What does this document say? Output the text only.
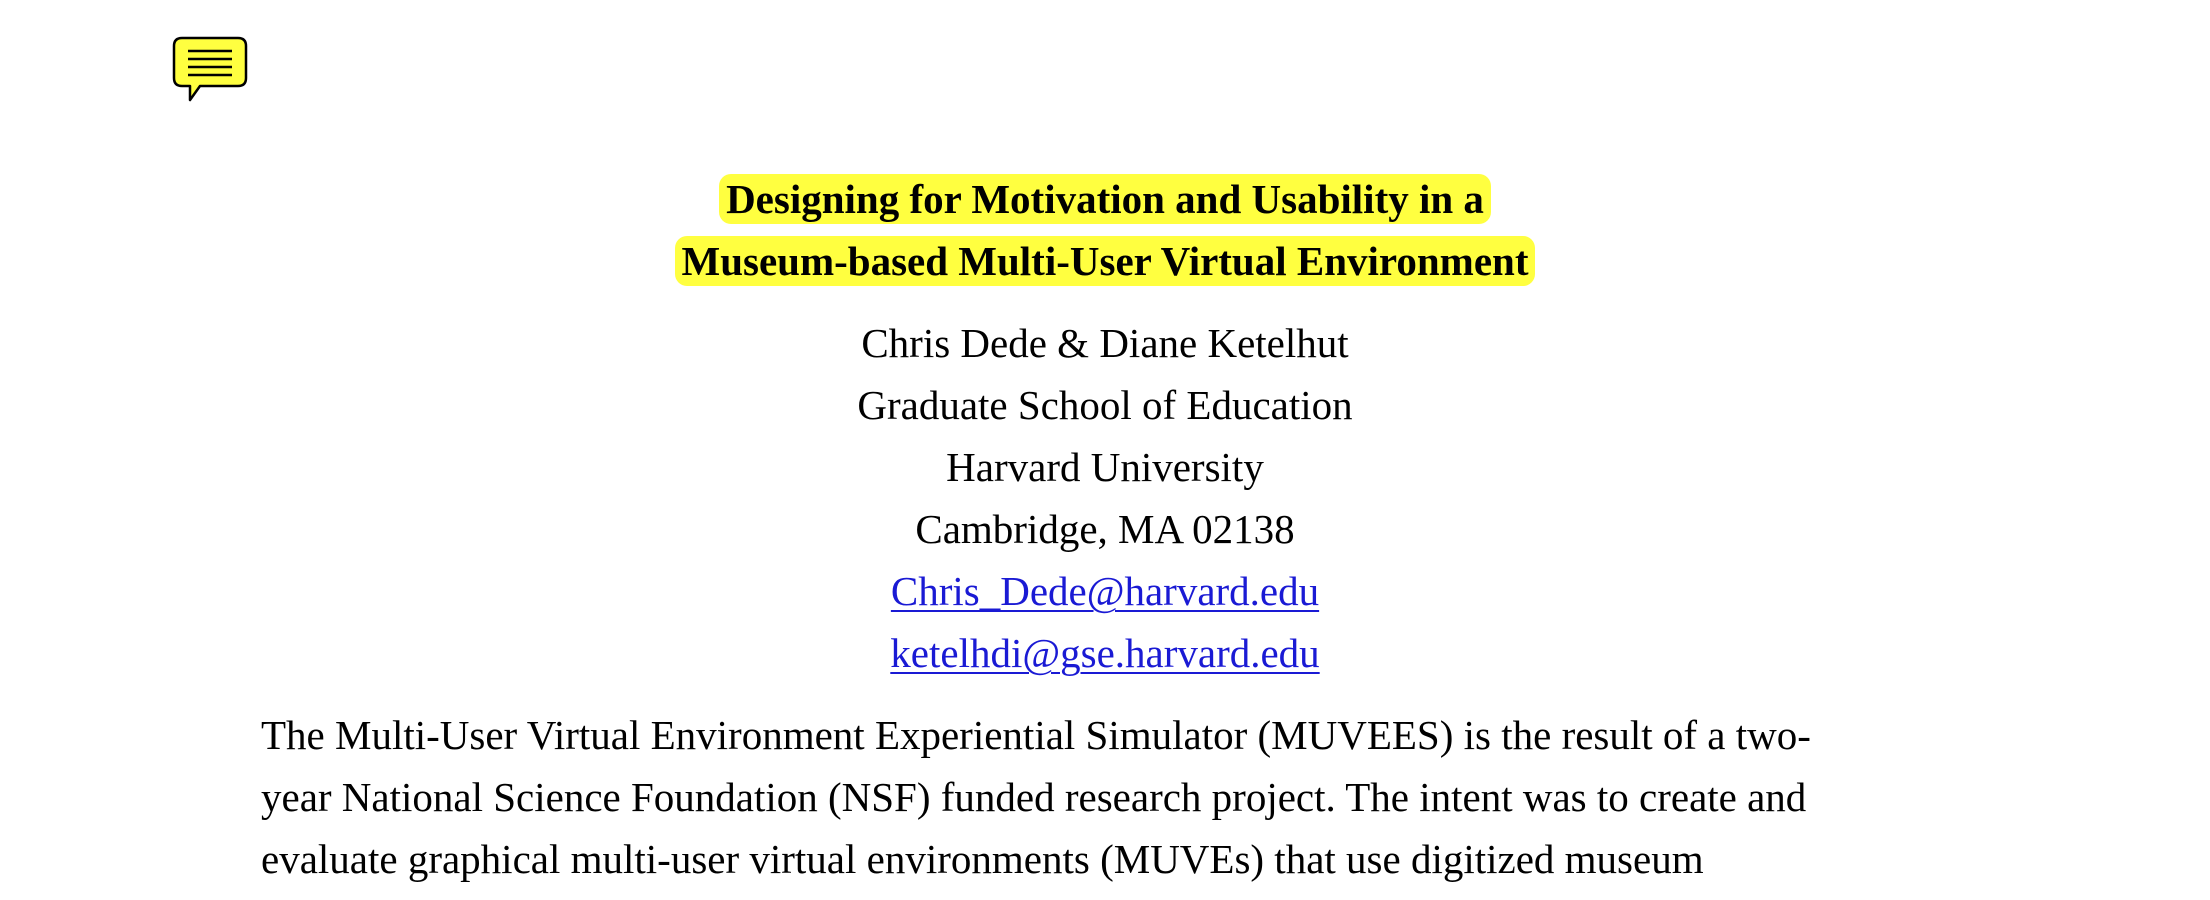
Designing for Motivation and Usability in a
Museum-based Multi-User Virtual Environment
Chris Dede & Diane Ketelhut
Graduate School of Education
Harvard University
Cambridge, MA 02138
Chris_Dede@harvard.edu
ketelhdi@gse.harvard.edu
The Multi-User Virtual Environment Experiential Simulator (MUVEES) is the result of a two-
year National Science Foundation (NSF) funded research project. The intent was to create and
evaluate graphical multi-user virtual environments (MUVEs) that use digitized museum
